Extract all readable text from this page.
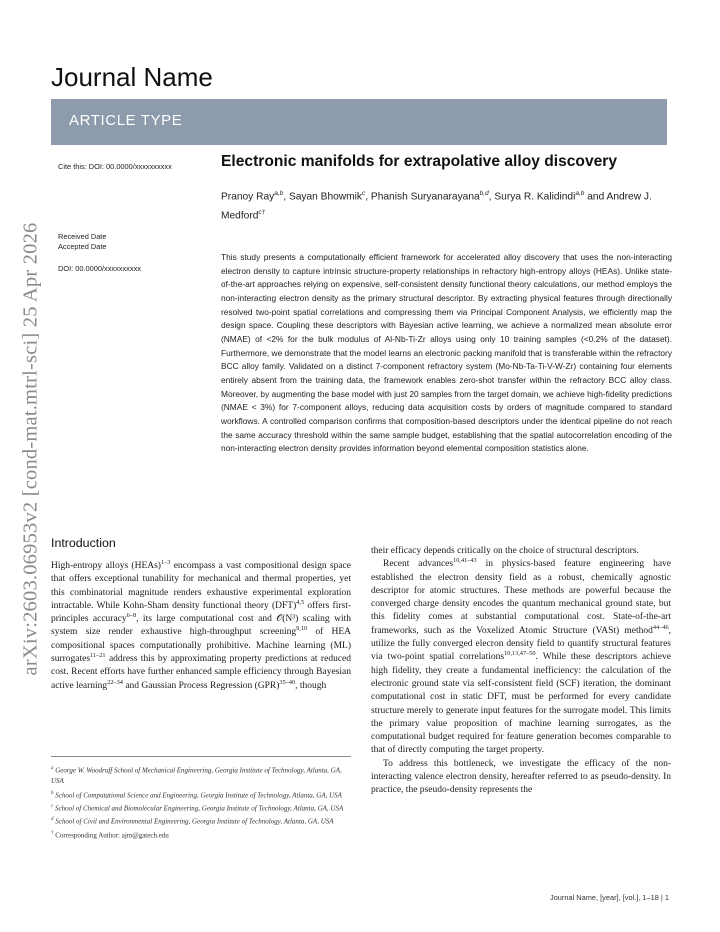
arXiv:2603.06953v2 [cond-mat.mtrl-sci] 25 Apr 2026
Journal Name
ARTICLE TYPE
Cite this: DOI: 00.0000/xxxxxxxxxx
Received Date
Accepted Date
DOI: 00.0000/xxxxxxxxxx
Electronic manifolds for extrapolative alloy discovery
Pranoy Ray$^{a,b}$, Sayan Bhowmik$^c$, Phanish Suryanarayana$^{b,d}$, Surya R. Kalidindi$^{a,b}$ and Andrew J. Medford$^{c\dagger}$
This study presents a computationally efficient framework for accelerated alloy discovery that uses the non-interacting electron density to capture intrinsic structure-property relationships in refractory high-entropy alloys (HEAs). Unlike state-of-the-art approaches relying on expensive, self-consistent density functional theory calculations, our method employs the non-interacting electron density as the primary structural descriptor. By extracting physical features through directionally resolved two-point spatial correlations and compressing them via Principal Component Analysis, we efficiently map the design space. Coupling these descriptors with Bayesian active learning, we achieve a normalized mean absolute error (NMAE) of <2% for the bulk modulus of Al-Nb-Ti-Zr alloys using only 10 training samples (<0.2% of the dataset). Furthermore, we demonstrate that the model learns an electronic packing manifold that is transferable within the refractory BCC alloy family. Validated on a distinct 7-component refractory system (Mo-Nb-Ta-Ti-V-W-Zr) containing four elements entirely absent from the training data, the framework enables zero-shot transfer within the refractory BCC alloy class. Moreover, by augmenting the base model with just 20 samples from the target domain, we achieve high-fidelity predictions (NMAE < 3%) for 7-component alloys, reducing data acquisition costs by orders of magnitude compared to standard workflows. A controlled comparison confirms that composition-based descriptors under the identical pipeline do not reach the same accuracy threshold within the same sample budget, establishing that the spatial autocorrelation encoding of the non-interacting electron density provides information beyond elemental composition statistics alone.
Introduction

High-entropy alloys (HEAs)$^{1-3}$ encompass a vast compositional design space that offers exceptional tunability for mechanical and thermal properties, yet this combinatorial magnitude renders exhaustive experimental exploration intractable. While Kohn-Sham density functional theory (DFT)$^{4,5}$ offers first-principles accuracy$^{6-8}$, its large computational cost and 𝒪(N³) scaling with system size render exhaustive high-throughput screening$^{9,10}$ of HEA compositional spaces computationally prohibitive. Machine learning (ML) surrogates$^{11-21}$ address this by approximating property predictions at reduced cost. Recent efforts have further enhanced sample efficiency through Bayesian active learning$^{22-34}$ and Gaussian Process Regression (GPR)$^{35-40}$, though

their efficacy depends critically on the choice of structural descriptors.

Recent advances$^{10,41-43}$ in physics-based feature engineering have established the electron density field as a robust, chemically agnostic descriptor for atomic structures. These methods are powerful because the converged charge density encodes the quantum mechanical ground state, but this fidelity comes at substantial computational cost. State-of-the-art frameworks, such as the Voxelized Atomic Structure (VASt) method$^{44-46}$, utilize the fully converged elecron density field to quantify structural features via two-point spatial correlations$^{10,13,47-50}$. While these descriptors achieve high fidelity, they create a fundamental inefficiency: the calculation of the electronic ground state via self-consistent field (SCF) iteration, the dominant computational cost in static DFT, must be performed for every candidate structure merely to generate input features for the surrogate model. This limits the primary value proposition of machine learning surrogates, as the computational budget required for feature generation becomes comparable to that of directly computing the target property.

To address this bottleneck, we investigate the efficacy of the non-interacting valence electron density, hereafter referred to as pseudo-density. In practice, the pseudo-density represents the

$^a$ George W. Woodruff School of Mechanical Engineering, Georgia Institute of Technology, Atlanta, GA, USA
$^b$ School of Computational Science and Engineering, Georgia Institute of Technology, Atlanta, GA, USA
$^c$ School of Chemical and Biomolecular Engineering, Georgia Institute of Technology, Atlanta, GA, USA
$^d$ School of Civil and Environmental Engineering, Georgia Institute of Technology, Atlanta, GA, USA
† Corresponding Author: ajm@gatech.edu
Journal Name, [year], [vol.], 1–18 | 1
